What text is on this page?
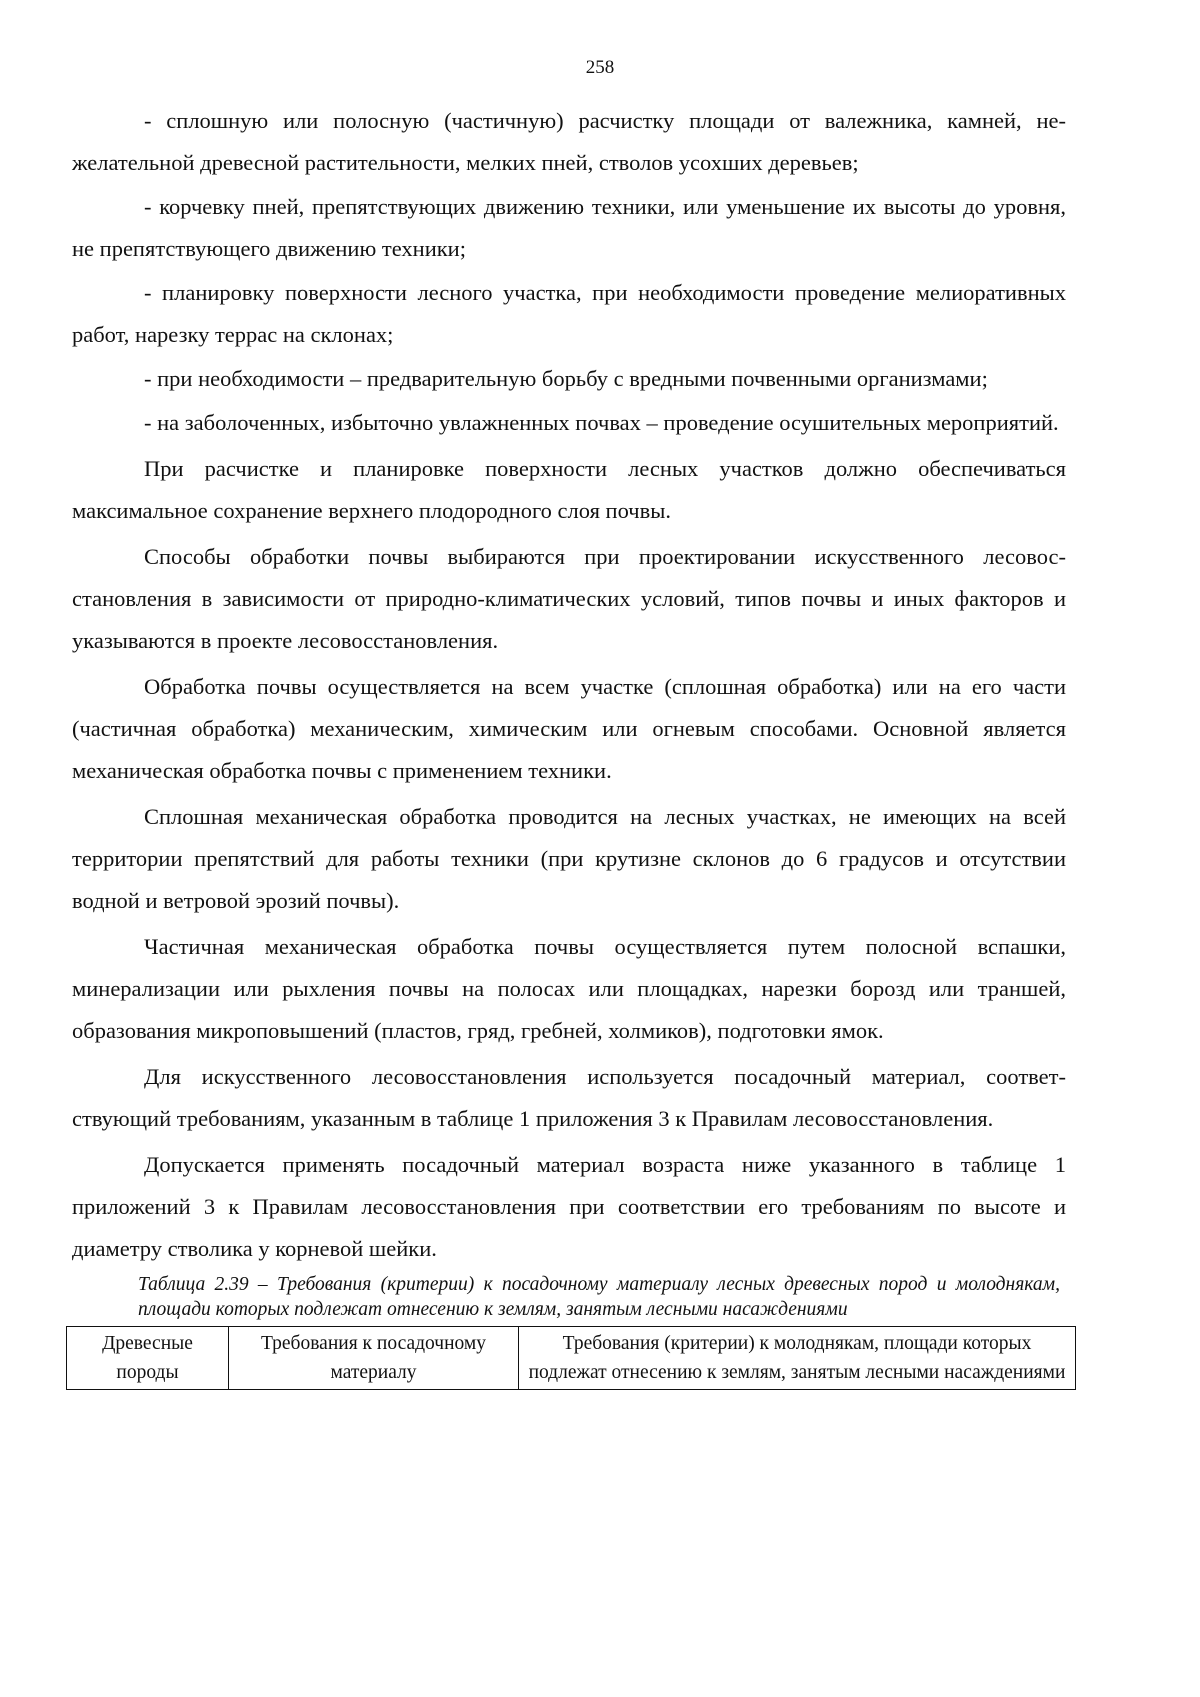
258

- сплошную или полосную (частичную) расчистку площади от валежника, камней, нежелательной древесной растительности, мелких пней, стволов усохших деревьев;

- корчевку пней, препятствующих движению техники, или уменьшение их высоты до уровня, не препятствующего движению техники;

- планировку поверхности лесного участка, при необходимости проведение мелиоративных работ, нарезку террас на склонах;

- при необходимости – предварительную борьбу с вредными почвенными организмами;

- на заболоченных, избыточно увлажненных почвах – проведение осушительных мероприятий.

При расчистке и планировке поверхности лесных участков должно обеспечиваться максимальное сохранение верхнего плодородного слоя почвы.

Способы обработки почвы выбираются при проектировании искусственного лесовосстановления в зависимости от природно-климатических условий, типов почвы и иных факторов и указываются в проекте лесовосстановления.

Обработка почвы осуществляется на всем участке (сплошная обработка) или на его части (частичная обработка) механическим, химическим или огневым способами. Основной является механическая обработка почвы с применением техники.

Сплошная механическая обработка проводится на лесных участках, не имеющих на всей территории препятствий для работы техники (при крутизне склонов до 6 градусов и отсутствии водной и ветровой эрозий почвы).

Частичная механическая обработка почвы осуществляется путем полосной вспашки, минерализации или рыхления почвы на полосах или площадках, нарезки борозд или траншей, образования микроповышений (пластов, гряд, гребней, холмиков), подготовки ямок.

Для искусственного лесовосстановления используется посадочный материал, соответствующий требованиям, указанным в таблице 1 приложения 3 к Правилам лесовосстановления.

Допускается применять посадочный материал возраста ниже указанного в таблице 1 приложений 3 к Правилам лесовосстановления при соответствии его требованиям по высоте и диаметру стволика у корневой шейки.

Таблица 2.39 – Требования (критерии) к посадочному материалу лесных древесных пород и молоднякам, площади которых подлежат отнесению к землям, занятым лесными насаждениями

Древесные породы	Требования к посадочному материалу	Требования (критерии) к молоднякам, площади которых подлежат отнесению к землям, занятым лесными насаждениями
